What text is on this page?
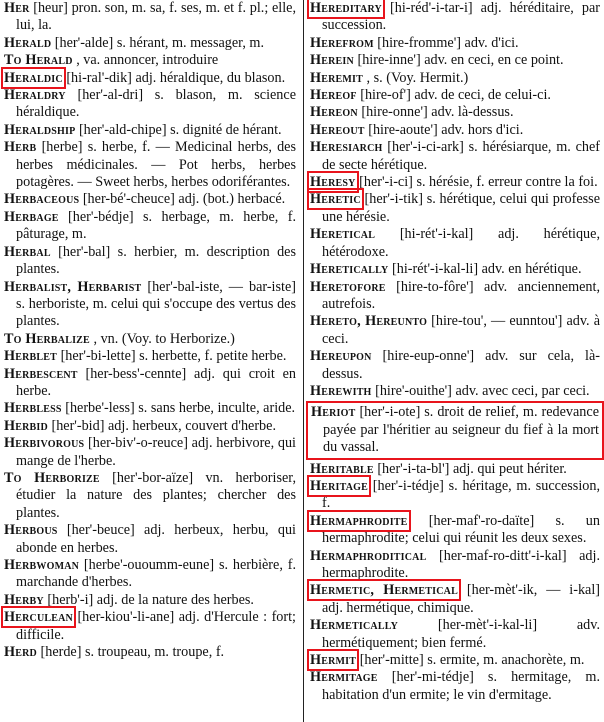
Her [heur] pron. son, m. sa, f. ses, m. et f. pl.; elle, lui, la.

Herald [her'-alde] s. hérant, m. messager, m.

To Herald , va. annoncer, introduire

Heraldic [hi-ral'-dik] adj. héraldique, du blason.

Heraldry [her'-al-dri] s. blason, m. science héraldique.

Heraldship [her'-ald-chipe] s. dignité de hérant.

Herb [herbe] s. herbe, f. — Medicinal herbs, des herbes médicinales. — Pot herbs, herbes potagères. — Sweet herbs, herbes odoriférantes.

Herbaceous [her-bé'-cheuce] adj. (bot.) herbacé.

Herbage [her'-bédje] s. herbage, m. herbe, f. pâturage, m.

Herbal [her'-bal] s. herbier, m. description des plantes.

Herbalist, Herbarist [her'-bal-iste, — bar-iste] s. herboriste, m. celui qui s'occupe des vertus des plantes.

To Herbalize , vn. (Voy. to Herborize.)

Herblet [her'-bi-lette] s. herbette, f. petite herbe.

Herbescent [her-bess'-cennte] adj. qui croit en herbe.

Herbless [herbe'-less] s. sans herbe, inculte, aride.

Herbid [her'-bid] adj. herbeux, couvert d'herbe.

Herbivorous [her-biv'-o-reuce] adj. herbivore, qui mange de l'herbe.

To Herborize [her'-bor-aïze] vn. herboriser, étudier la nature des plantes; chercher des plantes.

Herbous [her'-beuce] adj. herbeux, herbu, qui abonde en herbes.

Herbwoman [herbe'-ououmm-eune] s. herbière, f. marchande d'herbes.

Herby [herb'-i] adj. de la nature des herbes.

Herculean [her-kiou'-li-ane] adj. d'Hercule : fort; difficile.

Herd [herde] s. troupeau, m. troupe, f.

Hereditary [hi-réd'-i-tar-i] adj. héréditaire, par succession.

Herefrom [hire-fromme'] adv. d'ici.

Herein [hire-inne'] adv. en ceci, en ce point.

Heremit , s. (Voy. Hermit.)

Hereof [hire-of'] adv. de ceci, de celui-ci.

Hereon [hire-onne'] adv. là-dessus.

Hereout [hire-aoute'] adv. hors d'ici.

Heresiarch [her'-i-ci-ark] s. hérésiarque, m. chef de secte hérétique.

Heresy [her'-i-ci] s. hérésie, f. erreur contre la foi.

Heretic [her'-i-tik] s. hérétique, celui qui professe une hérésie.

Heretical [hi-rét'-i-kal] adj. hérétique, hétérodoxe.

Heretically [hi-rét'-i-kal-li] adv. en hérétique.

Heretofore [hire-to-fôre'] adv. anciennement, autrefois.

Hereto, Hereunto [hire-tou', — eunntou'] adv. à ceci.

Hereupon [hire-eup-onne'] adv. sur cela, là-dessus.

Herewith [hire'-ouithe'] adv. avec ceci, par ceci.

Heriot [her'-i-ote] s. droit de relief, m. redevance payée par l'héritier au seigneur du fief à la mort du vassal.

Heritable [her'-i-ta-bl'] adj. qui peut hériter.

Heritage [her'-i-tédje] s. héritage, m. succession, f.

Hermaphrodite [her-maf'-ro-daïte] s. un hermaphrodite; celui qui réunit les deux sexes.

Hermaphroditical [her-maf-ro-ditt'-i-kal] adj. hermaphrodite.

Hermetic, Hermetical [her-mèt'-ik, — i-kal] adj. hermétique, chimique.

Hermetically [her-mèt'-i-kal-li] adv. hermétiquement; bien fermé.

Hermit [her'-mitte] s. ermite, m. anachorète, m.

Hermitage [her'-mi-tédje] s. hermitage, m. habitation d'un ermite; le vin d'ermitage.
